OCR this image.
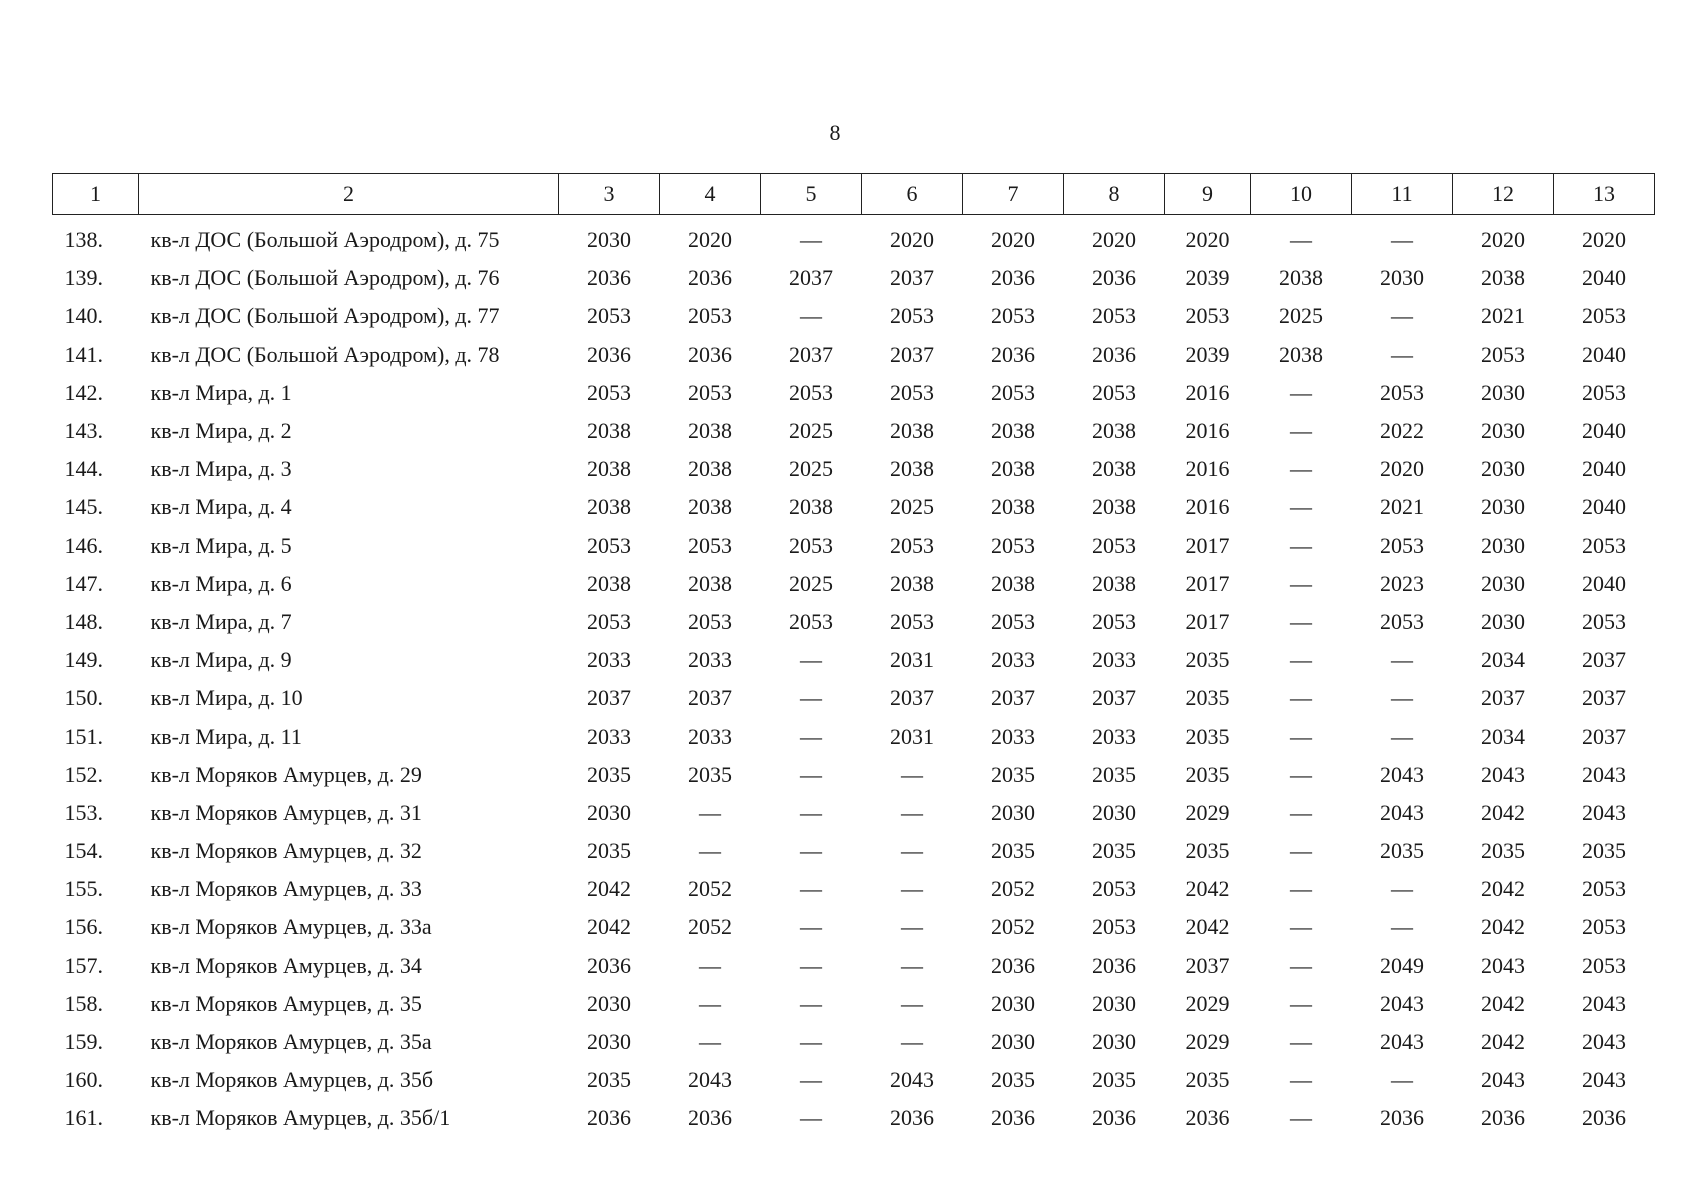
8
1	2	3	4	5	6	7	8	9	10	11	12	13
138.	кв-л ДОС (Большой Аэродром), д. 75	2030	2020	—	2020	2020	2020	2020	—	—	2020	2020
139.	кв-л ДОС (Большой Аэродром), д. 76	2036	2036	2037	2037	2036	2036	2039	2038	2030	2038	2040
140.	кв-л ДОС (Большой Аэродром), д. 77	2053	2053	—	2053	2053	2053	2053	2025	—	2021	2053
141.	кв-л ДОС (Большой Аэродром), д. 78	2036	2036	2037	2037	2036	2036	2039	2038	—	2053	2040
142.	кв-л Мира, д. 1	2053	2053	2053	2053	2053	2053	2016	—	2053	2030	2053
143.	кв-л Мира, д. 2	2038	2038	2025	2038	2038	2038	2016	—	2022	2030	2040
144.	кв-л Мира, д. 3	2038	2038	2025	2038	2038	2038	2016	—	2020	2030	2040
145.	кв-л Мира, д. 4	2038	2038	2038	2025	2038	2038	2016	—	2021	2030	2040
146.	кв-л Мира, д. 5	2053	2053	2053	2053	2053	2053	2017	—	2053	2030	2053
147.	кв-л Мира, д. 6	2038	2038	2025	2038	2038	2038	2017	—	2023	2030	2040
148.	кв-л Мира, д. 7	2053	2053	2053	2053	2053	2053	2017	—	2053	2030	2053
149.	кв-л Мира, д. 9	2033	2033	—	2031	2033	2033	2035	—	—	2034	2037
150.	кв-л Мира, д. 10	2037	2037	—	2037	2037	2037	2035	—	—	2037	2037
151.	кв-л Мира, д. 11	2033	2033	—	2031	2033	2033	2035	—	—	2034	2037
152.	кв-л Моряков Амурцев, д. 29	2035	2035	—	—	2035	2035	2035	—	2043	2043	2043
153.	кв-л Моряков Амурцев, д. 31	2030	—	—	—	2030	2030	2029	—	2043	2042	2043
154.	кв-л Моряков Амурцев, д. 32	2035	—	—	—	2035	2035	2035	—	2035	2035	2035
155.	кв-л Моряков Амурцев, д. 33	2042	2052	—	—	2052	2053	2042	—	—	2042	2053
156.	кв-л Моряков Амурцев, д. 33а	2042	2052	—	—	2052	2053	2042	—	—	2042	2053
157.	кв-л Моряков Амурцев, д. 34	2036	—	—	—	2036	2036	2037	—	2049	2043	2053
158.	кв-л Моряков Амурцев, д. 35	2030	—	—	—	2030	2030	2029	—	2043	2042	2043
159.	кв-л Моряков Амурцев, д. 35а	2030	—	—	—	2030	2030	2029	—	2043	2042	2043
160.	кв-л Моряков Амурцев, д. 35б	2035	2043	—	2043	2035	2035	2035	—	—	2043	2043
161.	кв-л Моряков Амурцев, д. 35б/1	2036	2036	—	2036	2036	2036	2036	—	2036	2036	2036
